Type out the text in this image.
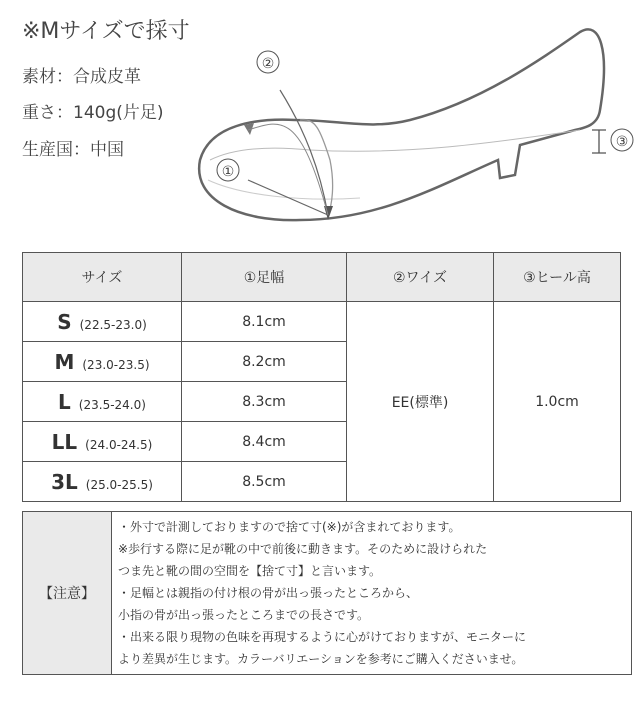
※Mサイズで採寸
素材：合成皮革
重さ：140g(片足)
生産国：中国
①
②
③
サイズ	①足幅	②ワイズ	③ヒール高
S (22.5-23.0)	8.1cm	EE(標準)	1.0cm
M (23.0-23.5)	8.2cm		
L (23.5-24.0)	8.3cm		
LL (24.0-24.5)	8.4cm		
3L (25.0-25.5)	8.5cm		
【注意】	
・外寸で計測しておりますので捨て寸(※)が含まれております。
※歩行する際に足が靴の中で前後に動きます。そのために設けられた
つま先と靴の間の空間を【捨て寸】と言います。
・足幅とは親指の付け根の骨が出っ張ったところから、
小指の骨が出っ張ったところまでの長さです。
・出来る限り現物の色味を再現するように心がけておりますが、モニターに
より差異が生じます。カラーバリエーションを参考にご購入くださいませ。
